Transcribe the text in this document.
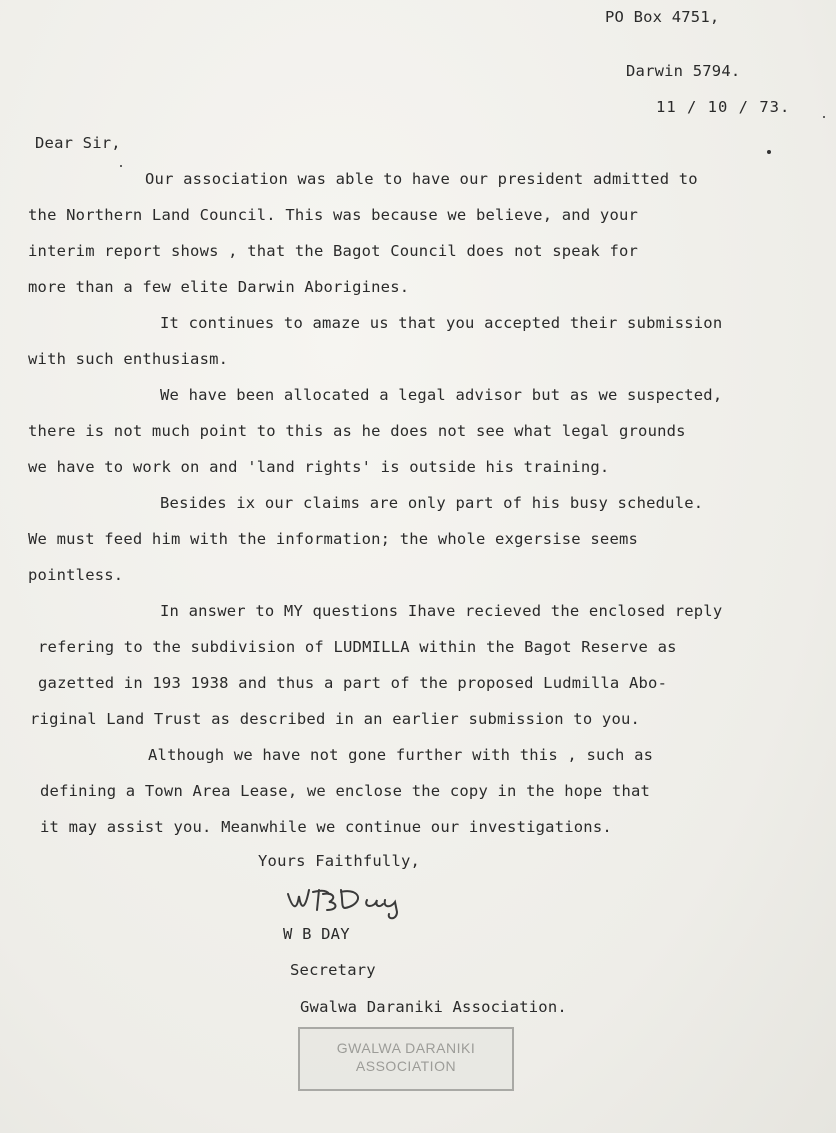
PO Box 4751,
Darwin 5794.
11 / 10 / 73.
Dear Sir,
Our association was able to have our president admitted to
the Northern Land Council. This was because we believe, and your
interim report shows , that the Bagot Council does not speak for
more than a few elite Darwin Aborigines.
It continues to amaze us that you accepted their submission
with such enthusiasm.
We have been allocated a legal advisor but as we suspected,
there is not much point to this as he does not see what legal grounds
we have to work on and 'land rights' is outside his training.
Besides ix our claims are only part of his busy schedule.
We must feed him with the information; the whole exgersise seems
pointless.
In answer to MY questions Ihave recieved the enclosed reply
refering to the subdivision of LUDMILLA within the Bagot Reserve as
gazetted in 193 1938 and thus a part of the proposed Ludmilla Abo-
riginal Land Trust as described in an earlier submission to you.
Although we have not gone further with this , such as
defining a Town Area Lease, we enclose the copy in the hope that
it may assist you. Meanwhile we continue our investigations.
Yours Faithfully,
W B DAY
Secretary
Gwalwa Daraniki Association.
GWALWA DARANIKI
ASSOCIATION
